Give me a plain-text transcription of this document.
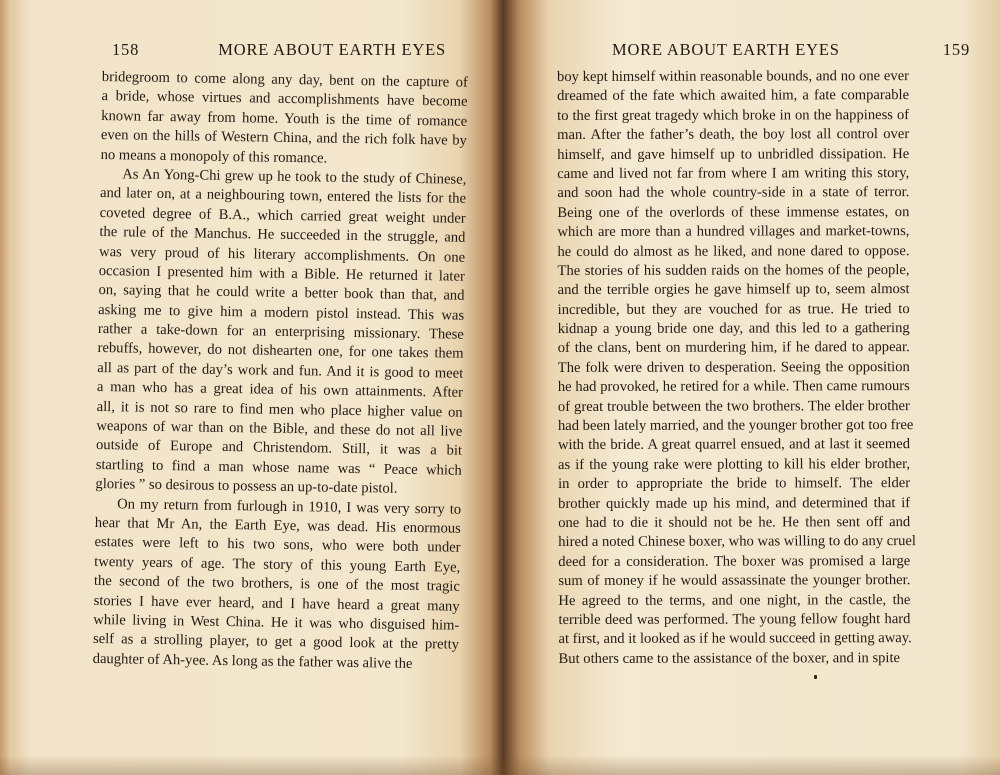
158	MORE ABOUT EARTH EYES
bridegroom to come along any day, bent on the capture of
a bride, whose virtues and accomplishments have become
known far away from home. Youth is the time of romance
even on the hills of Western China, and the rich folk have by
no means a monopoly of this romance.
As An Yong-Chi grew up he took to the study of Chinese,
and later on, at a neighbouring town, entered the lists for the
coveted degree of B.A., which carried great weight under
the rule of the Manchus. He succeeded in the struggle, and
was very proud of his literary accomplishments. On one
occasion I presented him with a Bible. He returned it later
on, saying that he could write a better book than that, and
asking me to give him a modern pistol instead. This was
rather a take-down for an enterprising missionary. These
rebuffs, however, do not dishearten one, for one takes them
all as part of the day’s work and fun. And it is good to meet
a man who has a great idea of his own attainments. After
all, it is not so rare to find men who place higher value on
weapons of war than on the Bible, and these do not all live
outside of Europe and Christendom. Still, it was a bit
startling to find a man whose name was “ Peace which
glories ” so desirous to possess an up-to-date pistol.
On my return from furlough in 1910, I was very sorry to
hear that Mr An, the Earth Eye, was dead. His enormous
estates were left to his two sons, who were both under
twenty years of age. The story of this young Earth Eye,
the second of the two brothers, is one of the most tragic
stories I have ever heard, and I have heard a great many
while living in West China. He it was who disguised him-
self as a strolling player, to get a good look at the pretty
daughter of Ah-yee. As long as the father was alive the
MORE ABOUT EARTH EYES	159
boy kept himself within reasonable bounds, and no one ever
dreamed of the fate which awaited him, a fate comparable
to the first great tragedy which broke in on the happiness of
man. After the father’s death, the boy lost all control over
himself, and gave himself up to unbridled dissipation. He
came and lived not far from where I am writing this story,
and soon had the whole country-side in a state of terror.
Being one of the overlords of these immense estates, on
which are more than a hundred villages and market-towns,
he could do almost as he liked, and none dared to oppose.
The stories of his sudden raids on the homes of the people,
and the terrible orgies he gave himself up to, seem almost
incredible, but they are vouched for as true. He tried to
kidnap a young bride one day, and this led to a gathering
of the clans, bent on murdering him, if he dared to appear.
The folk were driven to desperation. Seeing the opposition
he had provoked, he retired for a while. Then came rumours
of great trouble between the two brothers. The elder brother
had been lately married, and the younger brother got too free
with the bride. A great quarrel ensued, and at last it seemed
as if the young rake were plotting to kill his elder brother,
in order to appropriate the bride to himself. The elder
brother quickly made up his mind, and determined that if
one had to die it should not be he. He then sent off and
hired a noted Chinese boxer, who was willing to do any cruel
deed for a consideration. The boxer was promised a large
sum of money if he would assassinate the younger brother.
He agreed to the terms, and one night, in the castle, the
terrible deed was performed. The young fellow fought hard
at first, and it looked as if he would succeed in getting away.
But others came to the assistance of the boxer, and in spite
